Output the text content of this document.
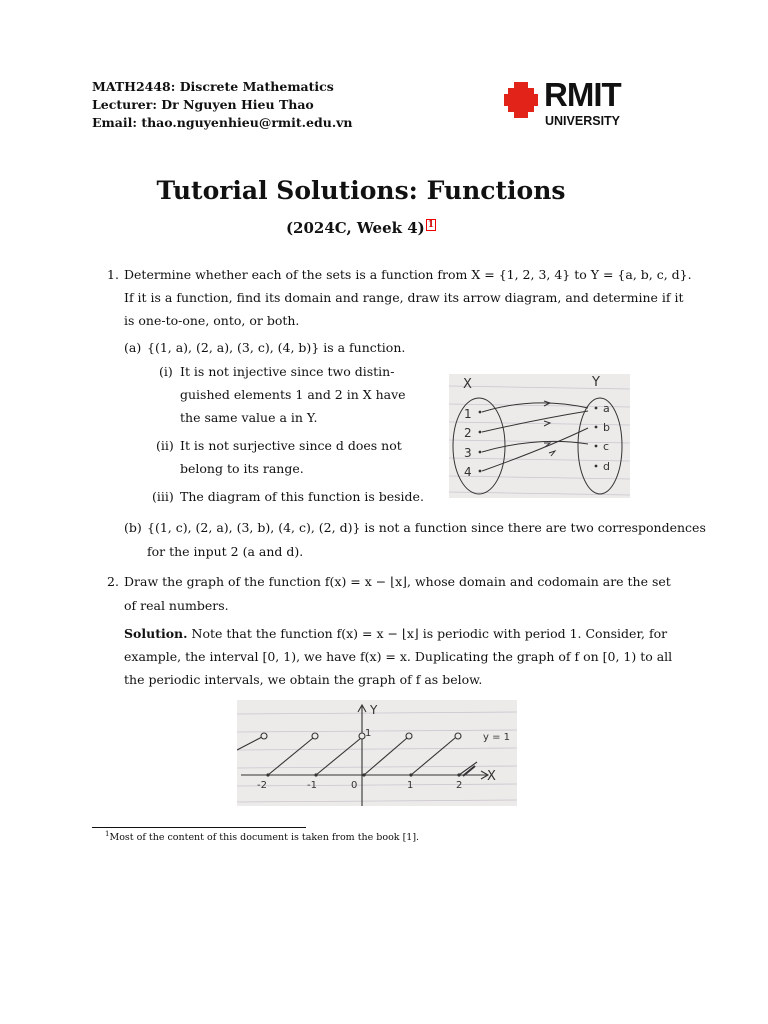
MATH2448: Discrete Mathematics
Lecturer: Dr Nguyen Hieu Thao
Email: thao.nguyenhieu@rmit.edu.vn
RMIT
UNIVERSITY
Tutorial Solutions: Functions
(2024C, Week 4) $^1$
1. Determine whether each of the sets is a function from X = {1, 2, 3, 4} to Y = {a, b, c, d}.
If it is a function, find its domain and range, draw its arrow diagram, and determine if it
is one-to-one, onto, or both.
(a) {(1, a), (2, a), (3, c), (4, b)} is a function.
(i) It is not injective since two distin-
guished elements 1 and 2 in X have
the same value a in Y.
(ii) It is not surjective since d does not
belong to its range.
(iii) The diagram of this function is beside.
X	Y
1
2
3
4
a
b
c
d
(b) {(1, c), (2, a), (3, b), (4, c), (2, d)} is not a function since there are two correspondences
for the input 2 (a and d).
2. Draw the graph of the function f(x) = x − ⌊x⌋, whose domain and codomain are the set
of real numbers.
Solution. Note that the function f(x) = x − ⌊x⌋ is periodic with period 1. Consider, for
example, the interval [0, 1), we have f(x) = x. Duplicating the graph of f on [0, 1) to all
the periodic intervals, we obtain the graph of f as below.
Y
X
1	y = 1
-2	-1	0	1	2
$^1$Most of the content of this document is taken from the book [1].
